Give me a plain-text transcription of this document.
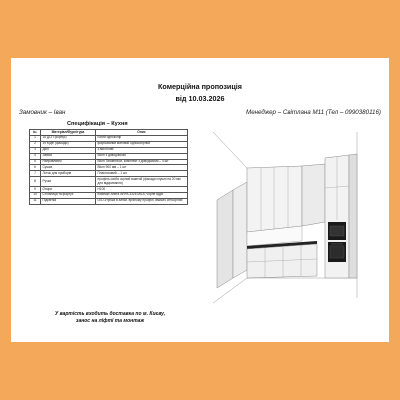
Комерційна пропозиція
від 10.03.2026
Замовник – Іван	Менеджер – Світлана М11 (Тел – 0990380116)
Специфікація – Кухня
№	Матеріал/Фурнітура	Опис
1	16 ДСП (корпус)	Білий одноколір
2	19 МДФ (фасади)	фарбований матовий одноколірний
3	ДВП	3 мм білий
4	Завіси	Blum з доводчиком
5	Направляючі	Blum Tandembox, комплект з доводчиком – 4 шт
6	Сушка	Blum 900 мм – 1 шт
7	Лоток для приборів	Пластиковий – 1 шт
8	Ручки	профіль скоба чорний вшитий (фасади слушні на 20 мм для відкривання)
9	Опори	H100
10	Стільниця та фартух	Компакт-плита ARPA 3326 MILA, чорне ядро
11	Підсвітка	LED-стрічка в алюм. врізному профілі, вмикач сенсорний
У вартість входить доставка по м. Києву,
занос на ліфті та монтаж
